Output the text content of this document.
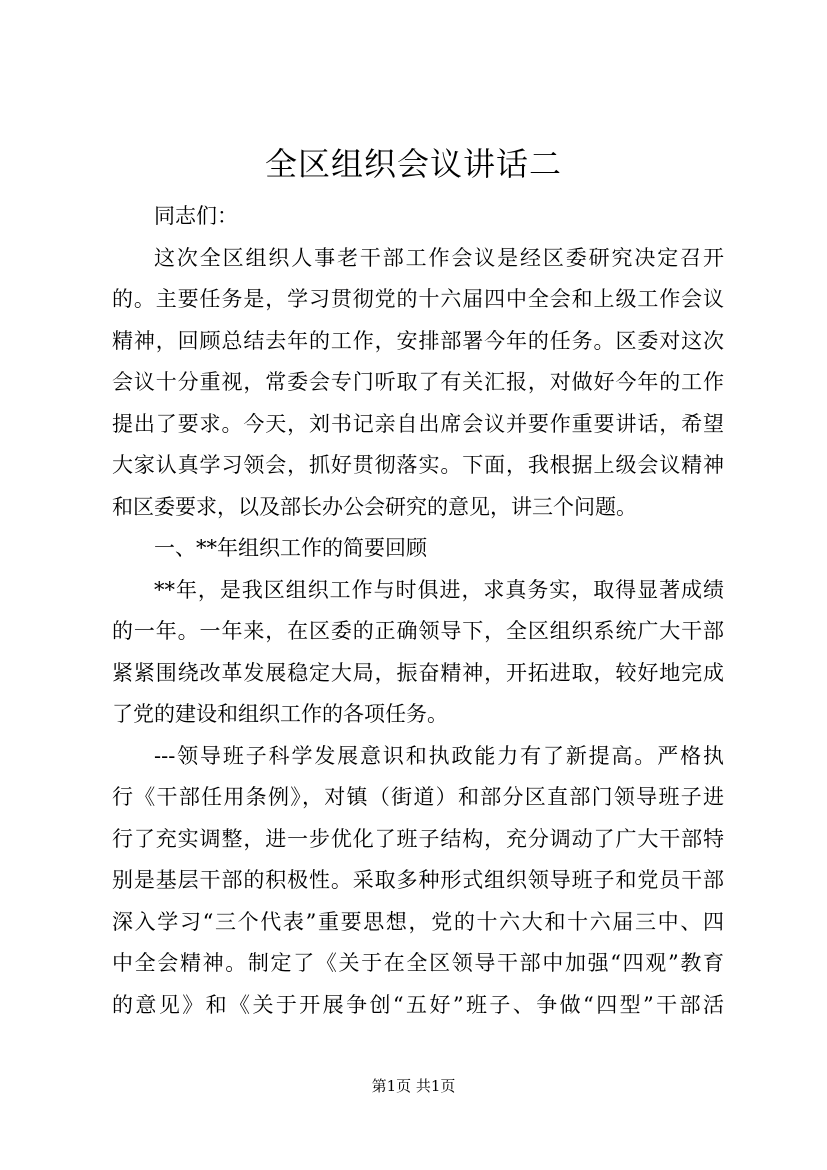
全区组织会议讲话二
同志们：
这次全区组织人事老干部工作会议是经区委研究决定召开
的。主要任务是，学习贯彻党的十六届四中全会和上级工作会议
精神，回顾总结去年的工作，安排部署今年的任务。区委对这次
会议十分重视，常委会专门听取了有关汇报，对做好今年的工作
提出了要求。今天，刘书记亲自出席会议并要作重要讲话，希望
大家认真学习领会，抓好贯彻落实。下面，我根据上级会议精神
和区委要求，以及部长办公会研究的意见，讲三个问题。
一、**年组织工作的简要回顾
**年，是我区组织工作与时俱进，求真务实，取得显著成绩
的一年。一年来，在区委的正确领导下，全区组织系统广大干部
紧紧围绕改革发展稳定大局，振奋精神，开拓进取，较好地完成
了党的建设和组织工作的各项任务。
---领导班子科学发展意识和执政能力有了新提高。严格执
行《干部任用条例》，对镇（街道）和部分区直部门领导班子进
行了充实调整，进一步优化了班子结构，充分调动了广大干部特
别是基层干部的积极性。采取多种形式组织领导班子和党员干部
深入学习“三个代表”重要思想，党的十六大和十六届三中、四
中全会精神。制定了《关于在全区领导干部中加强“四观”教育
的意见》和《关于开展争创“五好”班子、争做“四型”干部活
第1页 共1页
